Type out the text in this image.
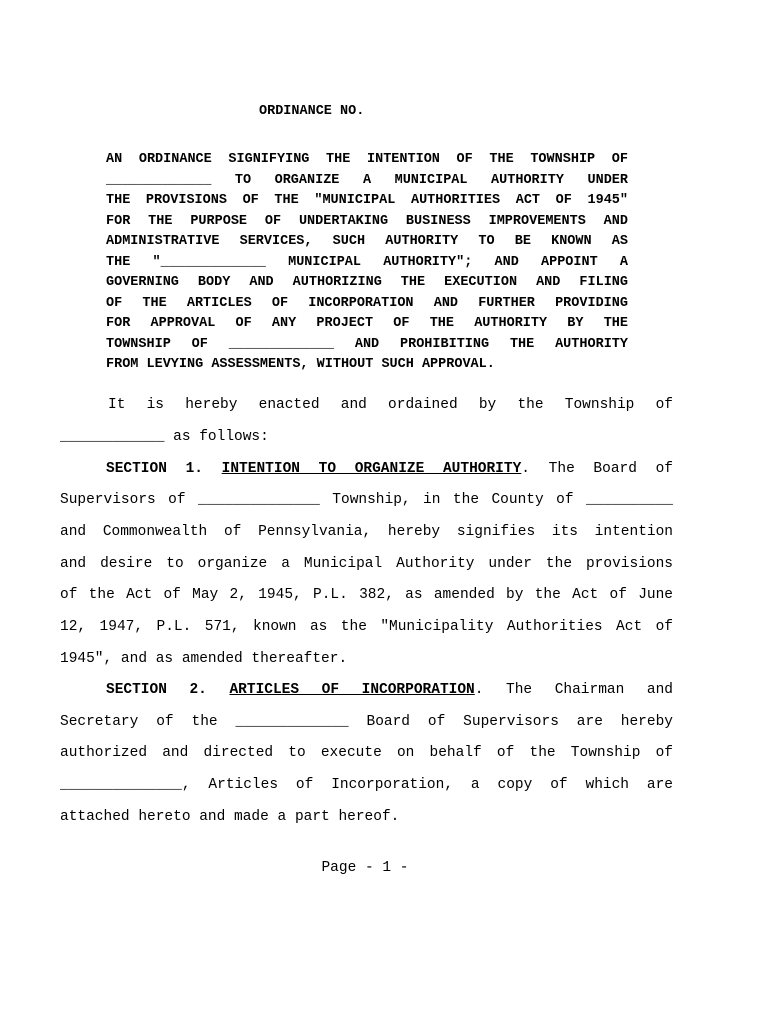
ORDINANCE NO.
AN ORDINANCE SIGNIFYING THE INTENTION OF THE TOWNSHIP OF
_____________ TO ORGANIZE A MUNICIPAL AUTHORITY UNDER
THE PROVISIONS OF THE "MUNICIPAL AUTHORITIES ACT OF 1945"
FOR THE PURPOSE OF UNDERTAKING BUSINESS IMPROVEMENTS AND
ADMINISTRATIVE SERVICES, SUCH AUTHORITY TO BE KNOWN AS
THE "_____________ MUNICIPAL AUTHORITY"; AND APPOINT A
GOVERNING BODY AND AUTHORIZING THE EXECUTION AND FILING
OF THE ARTICLES OF INCORPORATION AND FURTHER PROVIDING
FOR APPROVAL OF ANY PROJECT OF THE AUTHORITY BY THE
TOWNSHIP OF _____________ AND PROHIBITING THE AUTHORITY
FROM LEVYING ASSESSMENTS, WITHOUT SUCH APPROVAL.
It is hereby enacted and ordained by the Township of
____________ as follows:
SECTION 1. INTENTION TO ORGANIZE AUTHORITY. The Board of
Supervisors of ______________ Township, in the County of __________
and Commonwealth of Pennsylvania, hereby signifies its intention
and desire to organize a Municipal Authority under the provisions
of the Act of May 2, 1945, P.L. 382, as amended by the Act of June
12, 1947, P.L. 571, known as the "Municipality Authorities Act of
1945", and as amended thereafter.
SECTION 2. ARTICLES OF INCORPORATION. The Chairman and
Secretary of the _____________ Board of Supervisors are hereby
authorized and directed to execute on behalf of the Township of
______________, Articles of Incorporation, a copy of which are
attached hereto and made a part hereof.
Page - 1 -
